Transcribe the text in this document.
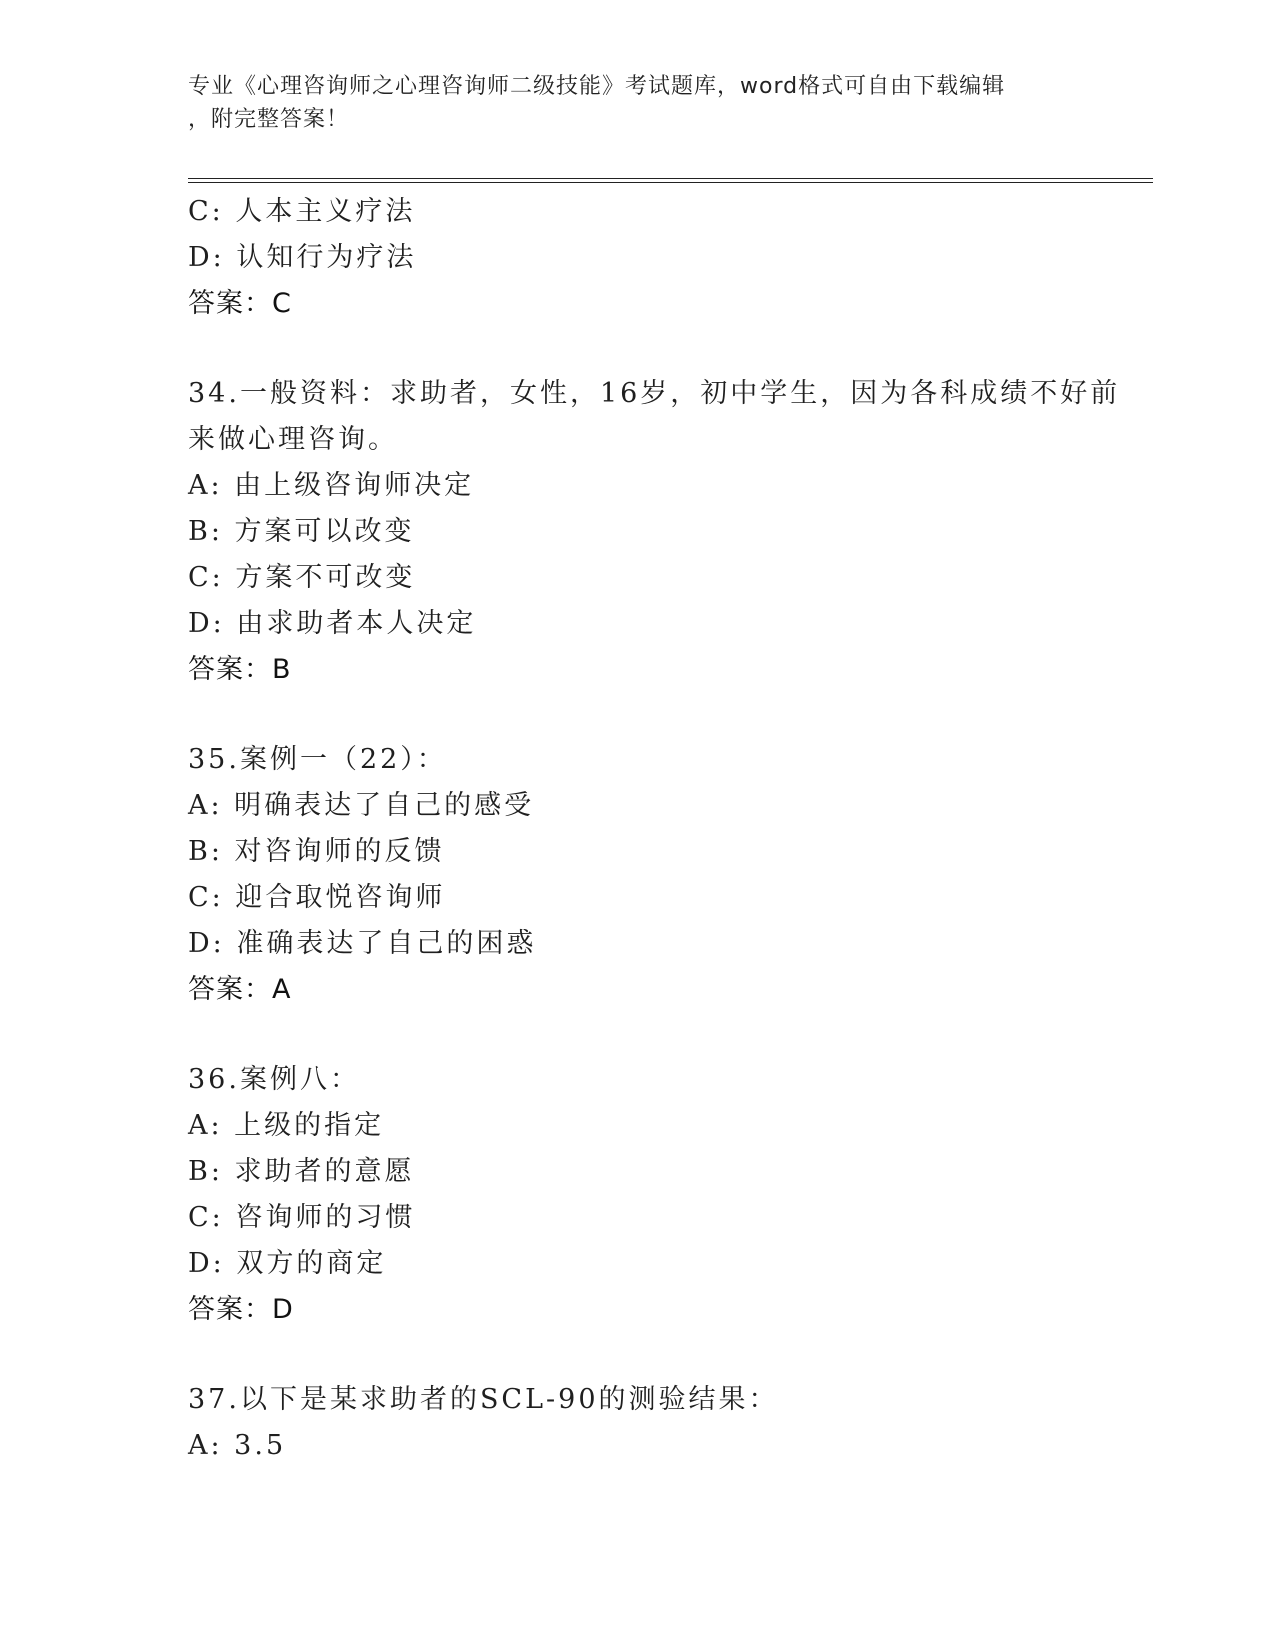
专业《心理咨询师之心理咨询师二级技能》考试题库，word格式可自由下载编辑
，附完整答案！
C: 人本主义疗法
D: 认知行为疗法
答案：C
34.一般资料：求助者，女性，16岁，初中学生，因为各科成绩不好前
来做心理咨询。
A: 由上级咨询师决定
B: 方案可以改变
C: 方案不可改变
D: 由求助者本人决定
答案：B
35.案例一（22）：
A: 明确表达了自己的感受
B: 对咨询师的反馈
C: 迎合取悦咨询师
D: 准确表达了自己的困惑
答案：A
36.案例八：
A: 上级的指定
B: 求助者的意愿
C: 咨询师的习惯
D: 双方的商定
答案：D
37.以下是某求助者的SCL-90的测验结果：
A: 3.5
